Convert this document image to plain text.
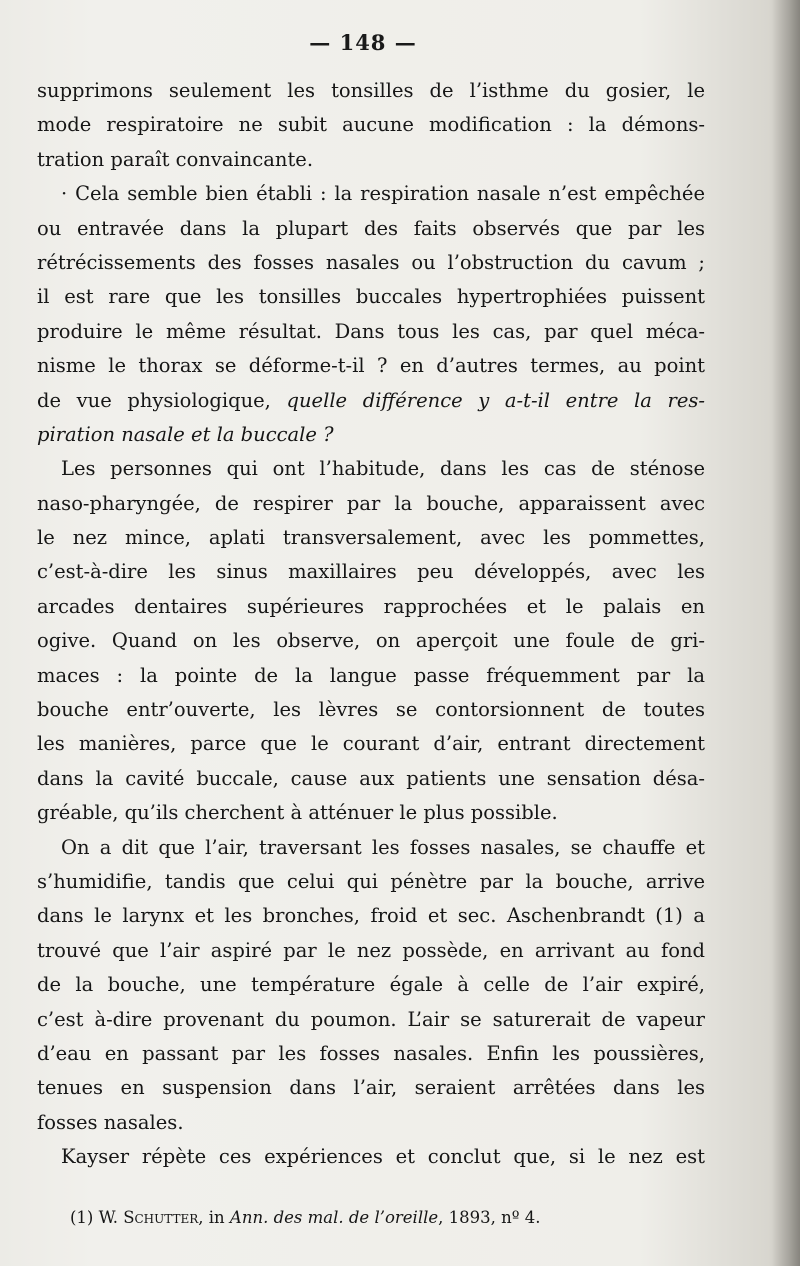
— 148 —
supprimons seulement les tonsilles de l’isthme du gosier, le
mode respiratoire ne subit aucune modification : la démons-
tration paraît convaincante.
· Cela semble bien établi : la respiration nasale n’est empêchée
ou entravée dans la plupart des faits observés que par les
rétrécissements des fosses nasales ou l’obstruction du cavum ;
il est rare que les tonsilles buccales hypertrophiées puissent
produire le même résultat. Dans tous les cas, par quel méca-
nisme le thorax se déforme-t-il ? en d’autres termes, au point
de vue physiologique, quelle différence y a-t-il entre la res-
piration nasale et la buccale ?
Les personnes qui ont l’habitude, dans les cas de sténose
naso-pharyngée, de respirer par la bouche, apparaissent avec
le nez mince, aplati transversalement, avec les pommettes,
c’est-à-dire les sinus maxillaires peu développés, avec les
arcades dentaires supérieures rapprochées et le palais en
ogive. Quand on les observe, on aperçoit une foule de gri-
maces : la pointe de la langue passe fréquemment par la
bouche entr’ouverte, les lèvres se contorsionnent de toutes
les manières, parce que le courant d’air, entrant directement
dans la cavité buccale, cause aux patients une sensation désa-
gréable, qu’ils cherchent à atténuer le plus possible.
On a dit que l’air, traversant les fosses nasales, se chauffe et
s’humidifie, tandis que celui qui pénètre par la bouche, arrive
dans le larynx et les bronches, froid et sec. Aschenbrandt (1) a
trouvé que l’air aspiré par le nez possède, en arrivant au fond
de la bouche, une température égale à celle de l’air expiré,
c’est à-dire provenant du poumon. L’air se saturerait de vapeur
d’eau en passant par les fosses nasales. Enfin les poussières,
tenues en suspension dans l’air, seraient arrêtées dans les
fosses nasales.
Kayser répète ces expériences et conclut que, si le nez est
(1) W. Schutter, in Ann. des mal. de l’oreille, 1893, nº 4.
